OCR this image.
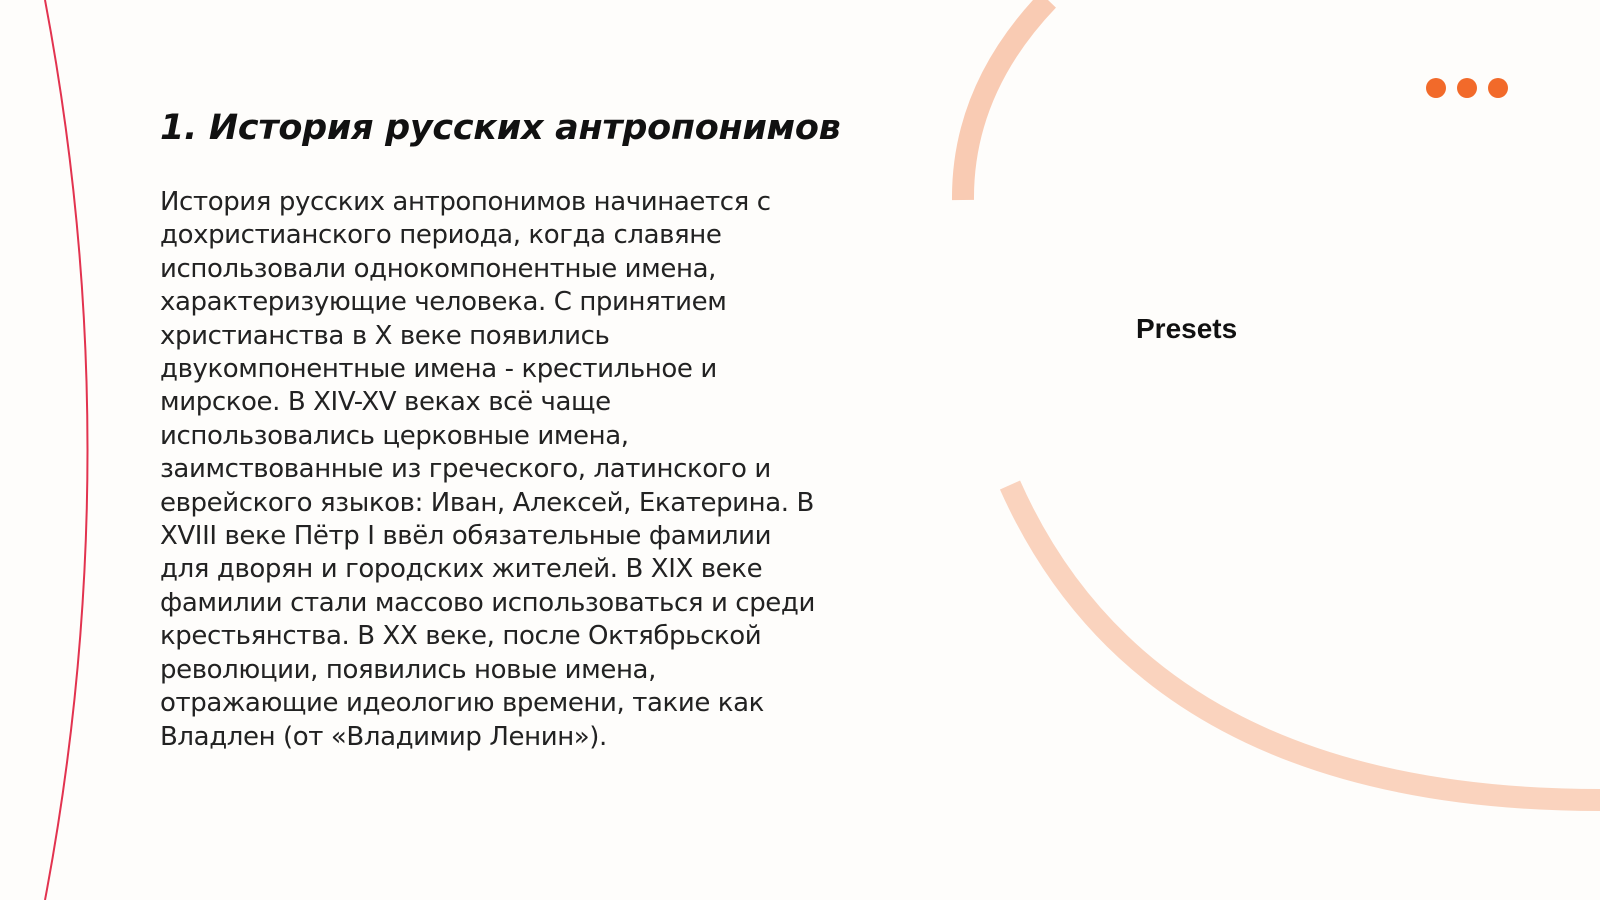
1. История русских антропонимов
История русских антропонимов начинается с
дохристианского периода, когда славяне
использовали однокомпонентные имена,
характеризующие человека. С принятием
христианства в X веке появились
двукомпонентные имена - крестильное и
мирское. В XIV-XV веках всё чаще
использовались церковные имена,
заимствованные из греческого, латинского и
еврейского языков: Иван, Алексей, Екатерина. В
XVIII веке Пётр I ввёл обязательные фамилии
для дворян и городских жителей. В XIX веке
фамилии стали массово использоваться и среди
крестьянства. В XX веке, после Октябрьской
революции, появились новые имена,
отражающие идеологию времени, такие как
Владлен (от «Владимир Ленин»).
Presets
